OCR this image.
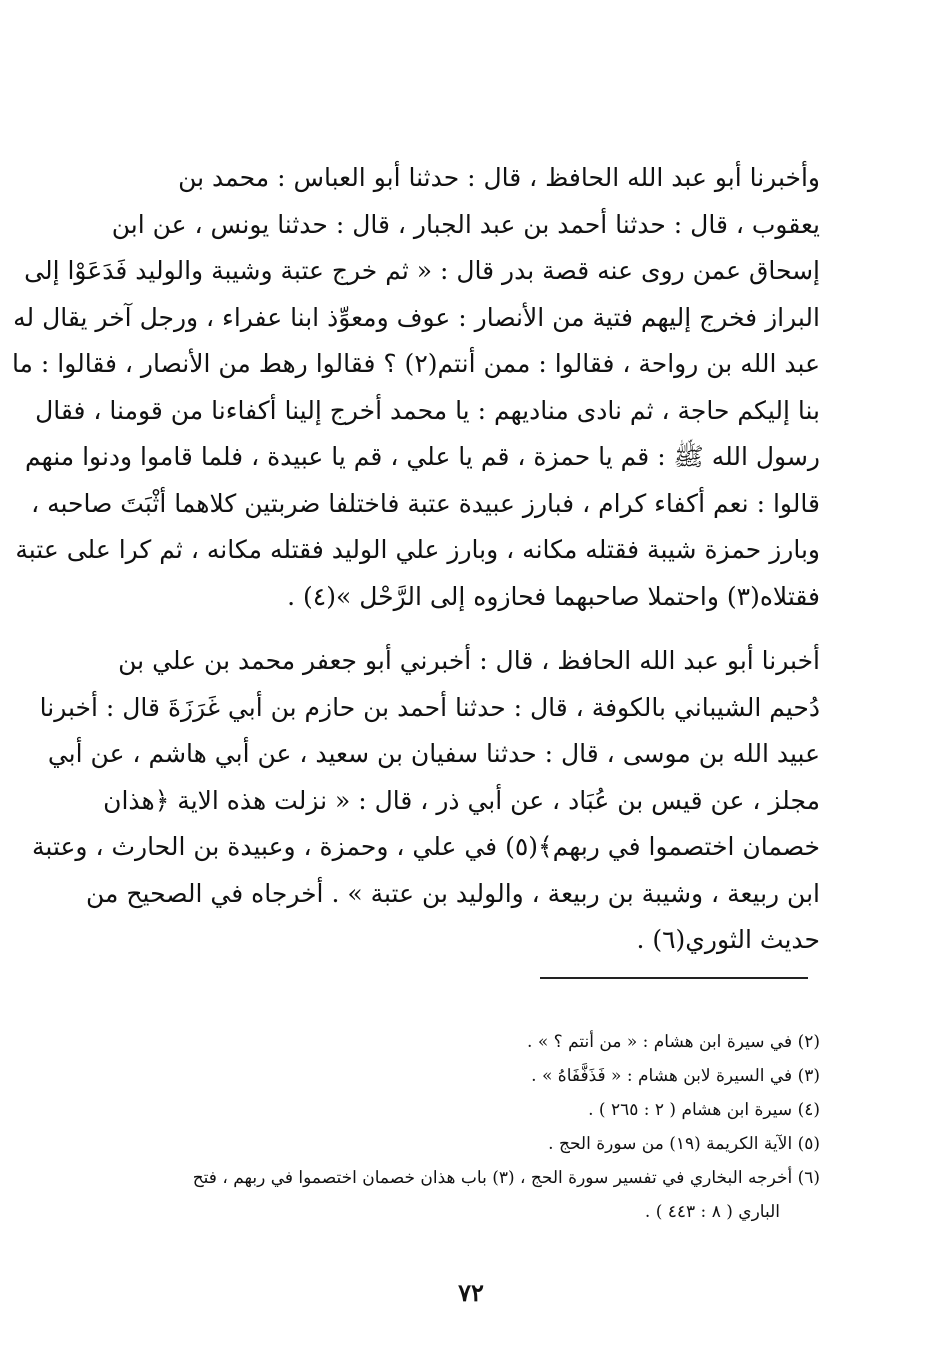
وأخبرنا أبو عبد الله الحافظ ، قال : حدثنا أبو العباس : محمد بن
يعقوب ، قال : حدثنا أحمد بن عبد الجبار ، قال : حدثنا يونس ، عن ابن
إسحاق عمن روى عنه قصة بدر قال : « ثم خرج عتبة وشيبة والوليد فَدَعَوْا إلى
البراز فخرج إليهم فتية من الأنصار : عوف ومعوِّذ ابنا عفراء ، ورجل آخر يقال له
عبد الله بن رواحة ، فقالوا : ممن أنتم(٢) ؟ فقالوا رهط من الأنصار ، فقالوا : ما
بنا إليكم حاجة ، ثم نادى مناديهم : يا محمد أخرج إلينا أكفاءنا من قومنا ، فقال
رسول الله ﷺ : قم يا حمزة ، قم يا علي ، قم يا عبيدة ، فلما قاموا ودنوا منهم
قالوا : نعم أكفاء كرام ، فبارز عبيدة عتبة فاختلفا ضربتين كلاهما أثْبَتَ صاحبه ،
وبارز حمزة شيبة فقتله مكانه ، وبارز علي الوليد فقتله مكانه ، ثم كرا على عتبة
فقتلاه(٣) واحتملا صاحبهما فحازوه إلى الرَّحْل »(٤) .
أخبرنا أبو عبد الله الحافظ ، قال : أخبرني أبو جعفر محمد بن علي بن
دُحيم الشيباني بالكوفة ، قال : حدثنا أحمد بن حازم بن أبي غَرَزَةَ قال : أخبرنا
عبيد الله بن موسى ، قال : حدثنا سفيان بن سعيد ، عن أبي هاشم ، عن أبي
مجلز ، عن قيس بن عُبَاد ، عن أبي ذر ، قال : « نزلت هذه الاية ﴿هذان
خصمان اختصموا في ربهم﴾(٥) في علي ، وحمزة ، وعبيدة بن الحارث ، وعتبة
ابن ربيعة ، وشيبة بن ربيعة ، والوليد بن عتبة » . أخرجاه في الصحيح من
حديث الثوري(٦) .
(٢) في سيرة ابن هشام : « من أنتم ؟ » .
(٣) في السيرة لابن هشام : « فَذَفَّفَاهُ » .
(٤) سيرة ابن هشام ( ٢ : ٢٦٥ ) .
(٥) الآية الكريمة (١٩) من سورة الحج .
(٦) أخرجه البخاري في تفسير سورة الحج ، (٣) باب هذان خصمان اختصموا في ربهم ، فتح
الباري ( ٨ : ٤٤٣ ) .
٧٢
